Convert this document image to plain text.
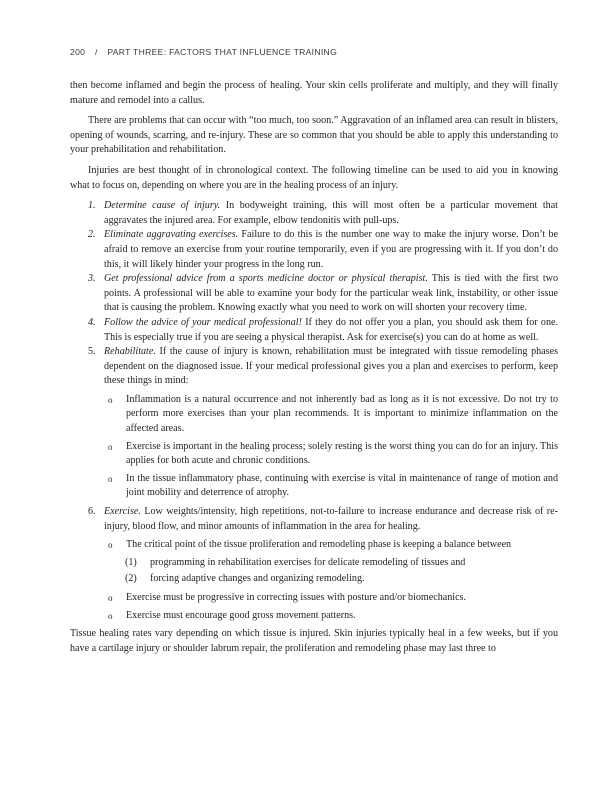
200 / PART THREE: FACTORS THAT INFLUENCE TRAINING

then become inflamed and begin the process of healing. Your skin cells proliferate and multiply, and they will finally mature and remodel into a callus.

There are problems that can occur with “too much, too soon.” Aggravation of an inflamed area can result in blisters, opening of wounds, scarring, and re-injury. These are so common that you should be able to apply this understanding to your prehabilitation and rehabilitation.

Injuries are best thought of in chronological context. The following timeline can be used to aid you in knowing what to focus on, depending on where you are in the healing process of an injury.

1. Determine cause of injury. In bodyweight training, this will most often be a particular movement that aggravates the injured area. For example, elbow tendonitis with pull-ups.
2. Eliminate aggravating exercises. Failure to do this is the number one way to make the injury worse. Don’t be afraid to remove an exercise from your routine temporarily, even if you are progressing with it. If you don’t do this, it will likely hinder your progress in the long run.
3. Get professional advice from a sports medicine doctor or physical therapist. This is tied with the first two points. A professional will be able to examine your body for the particular weak link, instability, or other issue that is causing the problem. Knowing exactly what you need to work on will shorten your recovery time.
4. Follow the advice of your medical professional! If they do not offer you a plan, you should ask them for one. This is especially true if you are seeing a physical therapist. Ask for exercise(s) you can do at home as well.
5. Rehabilitate. If the cause of injury is known, rehabilitation must be integrated with tissue remodeling phases dependent on the diagnosed issue. If your medical professional gives you a plan and exercises to perform, keep these things in mind:
o Inflammation is a natural occurrence and not inherently bad as long as it is not excessive. Do not try to perform more exercises than your plan recommends. It is important to minimize inflammation on the affected areas.
o Exercise is important in the healing process; solely resting is the worst thing you can do for an injury. This applies for both acute and chronic conditions.
o In the tissue inflammatory phase, continuing with exercise is vital in maintenance of range of motion and joint mobility and deterrence of atrophy.
6. Exercise. Low weights/intensity, high repetitions, not-to-failure to increase endurance and decrease risk of re-injury, blood flow, and minor amounts of inflammation in the area for healing.
o The critical point of the tissue proliferation and remodeling phase is keeping a balance between
(1) programming in rehabilitation exercises for delicate remodeling of tissues and
(2) forcing adaptive changes and organizing remodeling.
o Exercise must be progressive in correcting issues with posture and/or biomechanics.
o Exercise must encourage good gross movement patterns.

Tissue healing rates vary depending on which tissue is injured. Skin injuries typically heal in a few weeks, but if you have a cartilage injury or shoulder labrum repair, the proliferation and remodeling phase may last three to
